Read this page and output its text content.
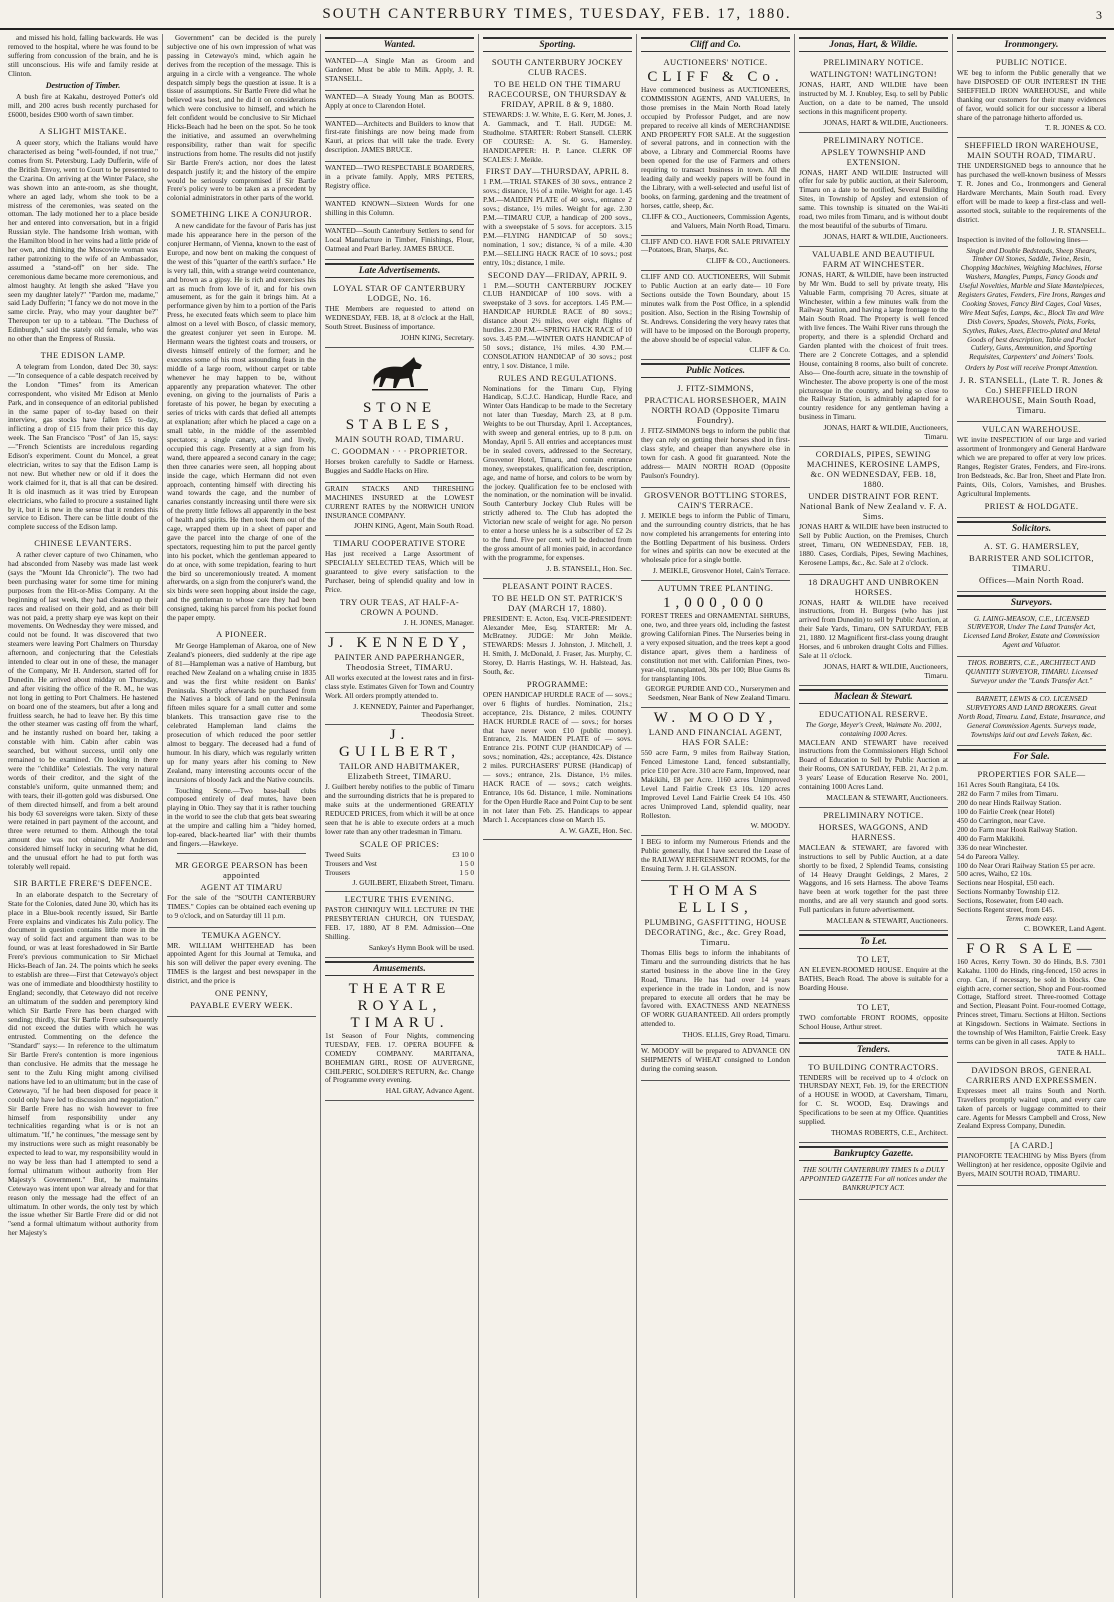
SOUTH CANTERBURY TIMES, TUESDAY, FEB. 17, 1880.	3

and missed his hold, falling backwards. He was removed to the hospital, where he was found to be suffering from concussion of the brain, and he is still unconscious. His wife and family reside at Clinton.

Destruction of Timber.

A bush fire at Kakahu, destroyed Potter's old mill, and 200 acres bush recently purchased for £6000, besides £900 worth of sawn timber.

A SLIGHT MISTAKE.

A queer story, which the Italians would have characterised as being "well-founded, if not true," comes from St. Petersburg. Lady Dufferin, wife of the British Envoy, went to Court to be presented to the Czarina. On arriving at the Winter Palace, she was shown into an ante-room, as she thought, where an aged lady, whom she took to be a mistress of the ceremonies, was seated on the ottoman. The lady motioned her to a place beside her and entered into conversation, but in a frigid Russian style. The handsome Irish woman, with the Hamilton blood in her veins had a little pride of her own, and thinking the Muscovite woman was rather patronizing to the wife of an Ambassador, assumed a "stand-off" on her side. The ceremonious dame became more ceremonious, and almost haughty. At length she asked "Have you seen my daughter lately?" "Pardon me, madame," said Lady Dufferin; "I fancy we do not move in the same circle. Pray, who may your daughter be?" Thereupon ter up to a tableau. "The Duchess of Edinburgh," said the stately old female, who was no other than the Empress of Russia.

THE EDISON LAMP.

A telegram from London, dated Dec 30, says:—"In consequence of a cable despatch received by the London "Times" from its American correspondent, who visited Mr Edison at Menlo Park, and in consequence of an editorial published in the same paper of to-day based on their interview, gas stocks have fallen £5 to-day, inflicting a drop of £15 from their price this day week. The San Francisco "Post" of Jan 15, says:—"French Scientists are incredulous regarding Edison's experiment. Count du Moncel, a great electrician, writes to say that the Edison Lamp is not new. But whether new or old if it does the work claimed for it, that is all that can be desired. It is old inasmuch as it was tried by European electricians, who failed to procure a sustained light by it, but it is new in the sense that it renders this service to Edison. There can be little doubt of the complete success of the Edison lamp.

CHINESE LEVANTERS.

A rather clever capture of two Chinamen, who had absconded from Naseby was made last week (says the "Mount Ida Chronicle"). The two had been purchasing water for some time for mining purposes from the Hit-or-Miss Company. At the beginning of last week, they had cleaned up their races and realised on their gold, and as their bill was not paid, a pretty sharp eye was kept on their movements. On Wednesday they were missed, and could not be found. It was discovered that two steamers were leaving Port Chalmers on Thursday afternoon, and conjecturing that the Celestials intended to clear out in one of these, the manager of the Company, Mr H. Anderson, started off for Dunedin. He arrived about midday on Thursday, and after visiting the office of the R. M., he was not long in getting to Port Chalmers. He hastened on board one of the steamers, but after a long and fruitless search, he had to leave her. By this time the other steamer was casting off from the wharf, and he instantly rushed on board her, taking a constable with him. Cabin after cabin was searched, but without success, until only one remained to be examined. On looking in there were the "childlike" Celestials. The very natural words of their creditor, and the sight of the constable's uniform, quite unmanned them; and with tears, their ill-gotten gold was disbursed. One of them directed himself, and from a belt around his body 63 sovereigns were taken. Sixty of these were retained in part payment of the account, and three were returned to them. Although the total amount due was not obtained, Mr Anderson considered himself lucky in securing what he did, and the unusual effort he had to put forth was tolerably well repaid.

SIR BARTLE FRERE'S DEFENCE.

In an elaborate despatch to the Secretary of State for the Colonies, dated June 30, which has its place in a Blue-book recently issued, Sir Bartle Frere explains and vindicates his Zulu policy. The document in question contains little more in the way of solid fact and argument than was to be found, or was at least foreshadowed in Sir Bartle Frere's previous communication to Sir Michael Hicks-Beach of Jan. 24. The points which he seeks to establish are three—First that Cetewayo's object was one of immediate and bloodthirsty hostility to England; secondly, that Cetewayo did not receive an ultimatum of the sudden and peremptory kind which Sir Bartle Frere has been charged with sending; thirdly, that Sir Bartle Frere subsequently did not exceed the duties with which he was entrusted. Commenting on the defence the "Standard" says:— In reference to the ultimatum Sir Bartle Frere's contention is more ingenious than conclusive. He admits that the message he sent to the Zulu King might among civilised nations have led to an ultimatum; but in the case of Cetewayo, "if he had been disposed for peace it could only have led to discussion and negotiation." Sir Bartle Frere has no wish however to free himself from responsibility under any technicalities regarding what is or is not an ultimatum. "If," he continues, "the message sent by my instructions were such as might reasonably be expected to lead to war, my responsibility would in no way be less than had I attempted to send a formal ultimatum without authority from Her Majesty's Government." But, he maintains Cetewayo was intent upon war already and for that reason only the message had the effect of an ultimatum. In other words, the only test by which the issue whether Sir Bartle Frere did or did not "send a formal ultimatum without authority from her Majesty's

Government" can be decided is the purely subjective one of his own impression of what was passing in Cetewayo's mind, which again he derives from the reception of the message. This is arguing in a circle with a vengeance. The whole despatch simply begs the question at issue. It is a tissue of assumptions. Sir Bartle Frere did what he believed was best, and he did it on considerations which were conclusive to himself, and which he felt confident would be conclusive to Sir Michael Hicks-Beach had he been on the spot. So he took the initiative, and assumed an overwhelming responsibility, rather than wait for specific instructions from home. The results did not justify Sir Bartle Frere's action, nor does the latest despatch justify it; and the history of the empire would be seriously compromised if Sir Bartle Frere's policy were to be taken as a precedent by colonial administrators in other parts of the world.

SOMETHING LIKE A CONJUROR.

A new candidate for the favour of Paris has just made his appearance here in the person of the conjurer Hermann, of Vienna, known to the east of Europe, and now bent on making the conquest of the west of this "quarter of the earth's surface." He is very tall, thin, with a strange weird countenance, and brown as a gipsy. He is rich and exercises his art as much from love of it, and for his own amusement, as for the gain it brings him. At a performance given by him to a portion of the Paris Press, he executed feats which seem to place him almost on a level with Bosco, of classic memory, the greatest conjurer yet seen in Europe. M. Hermann wears the tightest coats and trousers, or divests himself entirely of the former; and he executes some of his most astounding feats in the middle of a large room, without carpet or table whenever he may happen to be, without apparently any preparation whatever. The other evening, on giving to the journalists of Paris a foretaste of his power, he began by executing a series of tricks with cards that defied all attempts at explanation; after which he placed a cage on a small table, in the middle of the assembled spectators; a single canary, alive and lively, occupied this cage. Presently at a sign from his wand, there appeared a second canary in the cage; then three canaries were seen, all hopping about inside the cage, which Hermann did not even approach, contenting himself with directing his wand towards the cage, and the number of canaries constantly increasing until there were six of the pretty little fellows all apparently in the best of health and spirits. He then took them out of the cage, wrapped them up in a sheet of paper and gave the parcel into the charge of one of the spectators, requesting him to put the parcel gently into his pocket, which the gentleman appeared to do at once, with some trepidation, fearing to hurt the bird so unceremoniously treated. A moment afterwards, on a sign from the conjurer's wand, the six birds were seen hopping about inside the cage, and the gentleman to whose care they had been consigned, taking his parcel from his pocket found the paper empty.

A PIONEER.

Mr George Hampleman of Akaroa, one of New Zealand's pioneers, died suddenly at the ripe age of 81—Hampleman was a native of Hamburg, but reached New Zealand on a whaling cruise in 1835 and was the first white resident on Banks' Peninsula. Shortly afterwards he purchased from the Natives a block of land on the Peninsula fifteen miles square for a small cutter and some blankets. This transaction gave rise to the celebrated Hampleman land claims the prosecution of which reduced the poor settler almost to beggary. The deceased had a fund of humour. In his diary, which was regularly written up for many years after his coming to New Zealand, many interesting accounts occur of the incursions of bloody Jack and the Native councils.

Touching Scene.—Two base-ball clubs composed entirely of deaf mutes, have been playing in Ohio. They say that it is rather touching in the world to see the club that gets beat swearing at the umpire and calling him a "hidey horned, lop-eared, black-hearted liar" with their thumbs and fingers.—Hawkeye.

MR GEORGE PEARSON has been appointed
AGENT AT TIMARU

For the sale of the "SOUTH CANTERBURY TIMES." Copies can be obtained each evening up to 9 o'clock, and on Saturday till 11 p.m.

TEMUKA AGENCY.

MR. WILLIAM WHITEHEAD has been appointed Agent for this Journal at Temuka, and his son will deliver the paper every evening. The TIMES is the largest and best newspaper in the district, and the price is

ONE PENNY,
PAYABLE EVERY WEEK.
Wanted.

WANTED—A Single Man as Groom and Gardener. Must be able to Milk. Apply, J. R. STANSELL.

WANTED—A Steady Young Man as BOOTS. Apply at once to Clarendon Hotel.

WANTED—Architects and Builders to know that first-rate finishings are now being made from Kauri, at prices that will take the trade. Every description. JAMES BRUCE.

WANTED—TWO RESPECTABLE BOARDERS, in a private family. Apply, MRS PETERS, Registry office.

WANTED KNOWN—Sixteen Words for one shilling in this Column.

WANTED—South Canterbury Settlers to send for Local Manufacture in Timber, Finishings, Flour, Oatmeal and Pearl Barley. JAMES BRUCE.

Late Advertisements.
LOYAL STAR OF CANTERBURY LODGE, No. 16.

THE Members are requested to attend on WEDNESDAY, FEB. 18, at 8 o'clock at the Hall, South Street. Business of importance.

JOHN KING, Secretary.
STONE STABLES,
MAIN SOUTH ROAD, TIMARU.
C. GOODMAN · · · PROPRIETOR.

Horses broken carefully to Saddle or Harness. Buggies and Saddle Hacks on Hire.

GRAIN STACKS AND THRESHING MACHINES INSURED at the LOWEST CURRENT RATES by the NORWICH UNION INSURANCE COMPANY.

JOHN KING, Agent, Main South Road.
TIMARU COOPERATIVE STORE

Has just received a Large Assortment of SPECIALLY SELECTED TEAS, Which will be guaranteed to give every satisfaction to the Purchaser, being of splendid quality and low in Price.

TRY OUR TEAS, AT HALF-A-CROWN A POUND.
J. H. JONES, Manager.
J. KENNEDY,
PAINTER AND PAPERHANGER, Theodosia Street, TIMARU.

All works executed at the lowest rates and in first-class style. Estimates Given for Town and Country Work. All orders promptly attended to.

J. KENNEDY, Painter and Paperhanger, Theodosia Street.
J. GUILBERT,
TAILOR AND HABITMAKER, Elizabeth Street, TIMARU.

J. Guilbert hereby notifies to the public of Timaru and the surrounding districts that he is prepared to make suits at the undermentioned GREATLY REDUCED PRICES, from which it will be at once seen that he is able to execute orders at a much lower rate than any other tradesman in Timaru.

SCALE OF PRICES:
Tweed Suits	£3 10 0
Trousers and Vest	1 5 0
Trousers	1 5 0
J. GUILBERT, Elizabeth Street, Timaru.
LECTURE THIS EVENING.

PASTOR CHINIQUY WILL LECTURE IN THE PRESBYTERIAN CHURCH, ON TUESDAY, FEB. 17, 1880, AT 8 P.M. Admission—One Shilling.

Sankey's Hymn Book will be used.
Amusements.
THEATRE ROYAL, TIMARU.

1st Season of Four Nights, commencing TUESDAY, FEB. 17. OPERA BOUFFE & COMEDY COMPANY. MARITANA, BOHEMIAN GIRL, ROSE OF AUVERGNE, CHILPERIC, SOLDIER'S RETURN, &c. Change of Programme every evening.

HAL GRAY, Advance Agent.
Sporting.
SOUTH CANTERBURY JOCKEY CLUB RACES.
TO BE HELD ON THE TIMARU RACECOURSE, ON THURSDAY & FRIDAY, APRIL 8 & 9, 1880.

STEWARDS: J. W. White, E. G. Kerr, M. Jones, J. A. Gammack, and T. Hall. JUDGE: M. Studholme. STARTER: Robert Stansell. CLERK OF COURSE: A. St. G. Hamersley. HANDICAPPER: H. P. Lance. CLERK OF SCALES: J. Meikle.

FIRST DAY—THURSDAY, APRIL 8.

1 P.M.—TRIAL STAKES of 30 sovs., entrance 2 sovs.; distance, 1½ of a mile. Weight for age. 1.45 P.M.—MAIDEN PLATE of 40 sovs., entrance 2 sovs.; distance, 1½ miles. Weight for age. 2.30 P.M.—TIMARU CUP, a handicap of 200 sovs., with a sweepstake of 5 sovs. for acceptors. 3.15 P.M.—FLYING HANDICAP of 50 sovs.; nomination, 1 sov.; distance, ¾ of a mile. 4.30 P.M.—SELLING HACK RACE of 10 sovs.; post entry, 10s.; distance, 1 mile.

SECOND DAY—FRIDAY, APRIL 9.

1 P.M.—SOUTH CANTERBURY JOCKEY CLUB HANDICAP of 100 sovs. with a sweepstake of 3 sovs. for acceptors. 1.45 P.M.—HANDICAP HURDLE RACE of 80 sovs.; distance about 2½ miles, over eight flights of hurdles. 2.30 P.M.—SPRING HACK RACE of 10 sovs. 3.45 P.M.—WINTER OATS HANDICAP of 50 sovs.; distance, 1¼ miles. 4.30 P.M.—CONSOLATION HANDICAP of 30 sovs.; post entry, 1 sov. Distance, 1 mile.

RULES AND REGULATIONS.

Nominations for the Timaru Cup, Flying Handicap, S.C.J.C. Handicap, Hurdle Race, and Winter Oats Handicap to be made to the Secretary not later than Tuesday, March 23, at 8 p.m. Weights to be out Thursday, April 1. Acceptances, with sweep and general entries, up to 8 p.m. on Monday, April 5. All entries and acceptances must be in sealed covers, addressed to the Secretary, Grosvenor Hotel, Timaru, and contain entrance money, sweepstakes, qualification fee, description, age, and name of horse, and colors to be worn by the jockey. Qualification fee to be enclosed with the nomination, or the nomination will be invalid. South Canterbury Jockey Club Rules will be strictly adhered to. The Club has adopted the Victorian new scale of weight for age. No person to enter a horse unless he is a subscriber of £2 2s to the fund. Five per cent. will be deducted from the gross amount of all monies paid, in accordance with the programme, for expenses.

J. B. STANSELL, Hon. Sec.
PLEASANT POINT RACES.
TO BE HELD ON ST. PATRICK'S DAY (MARCH 17, 1880).

PRESIDENT: E. Acton, Esq. VICE-PRESIDENT: Alexander Mee, Esq. STARTER: Mr A. McBratney. JUDGE: Mr John Meikle. STEWARDS: Messrs J. Johnston, J. Mitchell, J. H. Smith, J. McDonald, J. Fraser, Jas. Murphy, C. Storey, D. Harris Hastings, W. H. Halstead, Jas. South, &c.

PROGRAMME:

OPEN HANDICAP HURDLE RACE of — sovs.; over 6 flights of hurdles. Nomination, 21s.; acceptance, 21s. Distance, 2 miles. COUNTY HACK HURDLE RACE of — sovs.; for horses that have never won £10 (public money). Entrance, 21s. MAIDEN PLATE of — sovs. Entrance 21s. POINT CUP (HANDICAP) of — sovs.; nomination, 42s.; acceptance, 42s. Distance 2 miles. PURCHASERS' PURSE (Handicap) of — sovs.; entrance, 21s. Distance, 1½ miles. HACK RACE of — sovs.; catch weights. Entrance, 10s 6d. Distance, 1 mile. Nominations for the Open Hurdle Race and Point Cup to be sent in not later than Feb. 25. Handicaps to appear March 1. Acceptances close on March 15.

A. W. GAZE, Hon. Sec.
Cliff and Co.
AUCTIONEERS' NOTICE.
CLIFF & Co.

Have commenced business as AUCTIONEERS, COMMISSION AGENTS, AND VALUERS, In those premises in the Main North Road lately occupied by Professor Pudget, and are now prepared to receive all kinds of MERCHANDISE AND PROPERTY FOR SALE. At the suggestion of several patrons, and in connection with the above, a Library and Commercial Rooms have been opened for the use of Farmers and others requiring to transact business in town. All the leading daily and weekly papers will be found in the Library, with a well-selected and useful list of books, on farming, gardening and the treatment of horses, cattle, sheep, &c.

CLIFF & CO., Auctioneers, Commission Agents, and Valuers, Main North Road, Timaru.

CLIFF AND CO. HAVE FOR SALE PRIVATELY—Potatoes, Bran, Sharps, &c.

CLIFF & CO., Auctioneers.

CLIFF AND CO. AUCTIONEERS, Will Submit to Public Auction at an early date— 10 Fore Sections outside the Town Boundary, about 15 minutes walk from the Post Office, in a splendid position. Also, Section in the Rising Township of St. Andrews. Considering the very heavy rates that will have to be imposed on the Borough property, the above should be of especial value.

CLIFF & Co.
Public Notices.
J. FITZ-SIMMONS,
PRACTICAL HORSESHOER, MAIN NORTH ROAD (Opposite Timaru Foundry).

J. FITZ-SIMMONS begs to inform the public that they can rely on getting their horses shod in first-class style, and cheaper than anywhere else in town for cash. A good fit guaranteed. Note the address— MAIN NORTH ROAD (Opposite Paulson's Foundry).

GROSVENOR BOTTLING STORES, CAIN'S TERRACE.

J. MEIKLE begs to inform the Public of Timaru, and the surrounding country districts, that he has now completed his arrangements for entering into the Bottling Department of his business. Orders for wines and spirits can now be executed at the wholesale price for a single bottle.

J. MEIKLE, Grosvenor Hotel, Cain's Terrace.
AUTUMN TREE PLANTING.
1,000,000

FOREST TREES and ORNAMENTAL SHRUBS, one, two, and three years old, including the fastest growing Californian Pines. The Nurseries being in a very exposed situation, and the trees kept a good distance apart, gives them a hardiness of constitution not met with. Californian Pines, two-year-old, transplanted, 30s per 100; Blue Gums 8s for transplanting 100s.

GEORGE PURDIE AND CO., Nurserymen and Seedsmen, Near Bank of New Zealand Timaru.
W. MOODY,
LAND AND FINANCIAL AGENT, HAS FOR SALE:

550 acre Farm, 9 miles from Railway Station, Fenced Limestone Land, fenced substantially, price £10 per Acre. 310 acre Farm, Improved, near Makikihi, £8 per Acre. 1160 acres Unimproved Level Land Fairlie Creek £3 10s. 120 acres Improved Level Land Fairlie Creek £4 10s. 450 acres Unimproved Land, splendid quality, near Rolleston.

W. MOODY.

I BEG to inform my Numerous Friends and the Public generally, that I have secured the Lease of the RAILWAY REFRESHMENT ROOMS, for the Ensuing Term. J. H. GLASSON.

THOMAS ELLIS,
PLUMBING, GASFITTING, HOUSE DECORATING, &c., &c. Grey Road, Timaru.

Thomas Ellis begs to inform the inhabitants of Timaru and the surrounding districts that he has started business in the above line in the Grey Road, Timaru. He has had over 14 years experience in the trade in London, and is now prepared to execute all orders that he may be favored with. EXACTNESS AND NEATNESS OF WORK GUARANTEED. All orders promptly attended to.

THOS. ELLIS, Grey Road, Timaru.

W. MOODY will be prepared to ADVANCE ON SHIPMENTS of WHEAT consigned to London during the coming season.

Jonas, Hart, & Wildie.
PRELIMINARY NOTICE.
WATLINGTON! WATLINGTON!

JONAS, HART, AND WILDIE have been instructed by M. J. Knubley, Esq. to sell by Public Auction, on a date to be named, The unsold sections in this magnificent property.

JONAS, HART & WILDIE, Auctioneers.
PRELIMINARY NOTICE.
APSLEY TOWNSHIP AND EXTENSION.

JONAS, HART AND WILDIE Instructed will offer for sale by public auction, at their Saleroom, Timaru on a date to be notified, Several Building Sites, in Township of Apsley and extension of same. This township is situated on the Wai-iti road, two miles from Timaru, and is without doubt the most beautiful of the suburbs of Timaru.

JONAS, HART & WILDIE, Auctioneers.
VALUABLE AND BEAUTIFUL FARM AT WINCHESTER.

JONAS, HART, & WILDIE, have been instructed by Mr Wm. Budd to sell by private treaty, His Valuable Farm, comprising 70 Acres, situate at Winchester, within a few minutes walk from the Railway Station, and having a large frontage to the Main South Road. The Property is well fenced with live fences. The Waihi River runs through the property, and there is a splendid Orchard and Garden planted with the choicest of fruit trees. There are 2 Concrete Cottages, and a splendid House, containing 8 rooms, also built of concrete. Also— One-fourth acre, situate in the township of Winchester. The above property is one of the most picturesque in the country, and being so close to the Railway Station, is admirably adapted for a country residence for any gentleman having a business in Timaru.

JONAS, HART & WILDIE, Auctioneers, Timaru.
CORDIALS, PIPES, SEWING MACHINES, KEROSINE LAMPS, &c. ON WEDNESDAY, FEB. 18, 1880.
UNDER DISTRAINT FOR RENT. National Bank of New Zealand v. F. A. Sims.

JONAS HART & WILDIE have been instructed to Sell by Public Auction, on the Premises, Church street, Timaru, ON WEDNESDAY, FEB. 18, 1880. Cases, Cordials, Pipes, Sewing Machines, Kerosene Lamps, &c., &c. Sale at 2 o'clock.

18 DRAUGHT AND UNBROKEN HORSES.

JONAS, HART & WILDIE have received instructions, from H. Burgess (who has just arrived from Dunedin) to sell by Public Auction, at their Sale Yards, Timaru, ON SATURDAY, FEB 21, 1880. 12 Magnificent first-class young draught Horses, and 6 unbroken draught Colts and Fillies. Sale at 11 o'clock.

JONAS, HART & WILDIE, Auctioneers, Timaru.
Maclean & Stewart.
EDUCATIONAL RESERVE.
The Gorge, Meyer's Creek, Waimate No. 2001, containing 1000 Acres.

MACLEAN AND STEWART have received instructions from the Commissioners High School Board of Education to Sell by Public Auction at their Rooms, ON SATURDAY, FEB. 21, At 2 p.m. 3 years' Lease of Education Reserve No. 2001, containing 1000 Acres Land.

MACLEAN & STEWART, Auctioneers.
PRELIMINARY NOTICE.
HORSES, WAGGONS, AND HARNESS.

MACLEAN & STEWART, are favored with instructions to sell by Public Auction, at a date shortly to be fixed, 2 Splendid Teams, consisting of 14 Heavy Draught Geldings, 2 Mares, 2 Waggons, and 16 sets Harness. The above Teams have been at work together for the past three months, and are all very staunch and good sorts. Full particulars in future advertisement.

MACLEAN & STEWART, Auctioneers.
To Let.
TO LET,

AN ELEVEN-ROOMED HOUSE. Enquire at the BATHS, Beach Road. The above is suitable for a Boarding House.

TO LET,

TWO comfortable FRONT ROOMS, opposite School House, Arthur street.

Tenders.
TO BUILDING CONTRACTORS.

TENDERS will be received up to 4 o'clock on THURSDAY NEXT, Feb. 19, for the ERECTION of a HOUSE in WOOD, at Caversham, Timaru, for C. St. WOOD, Esq. Drawings and Specifications to be seen at my Office. Quantities supplied.

THOMAS ROBERTS, C.E., Architect.
Bankruptcy Gazette.

THE SOUTH CANTERBURY TIMES Is a DULY APPOINTED GAZETTE For all notices under the BANKRUPTCY ACT.

Ironmongery.
PUBLIC NOTICE.

WE beg to inform the Public generally that we have DISPOSED OF OUR INTEREST IN THE SHEFFIELD IRON WAREHOUSE, and while thanking our customers for their many evidences of favor, would solicit for our successor a liberal share of the patronage hitherto afforded us.

T. R. JONES & CO.
SHEFFIELD IRON WAREHOUSE, MAIN SOUTH ROAD, TIMARU.

THE UNDERSIGNED begs to announce that he has purchased the well-known business of Messrs T. R. Jones and Co., Ironmongers and General Hardware Merchants, Main South road. Every effort will be made to keep a first-class and well-assorted stock, suitable to the requirements of the district.

J. R. STANSELL.

Inspection is invited of the following lines—

Single and Double Bedsteads, Sheep Shears, Timber Oil Stones, Saddle, Twine, Resin, Chopping Machines, Weighing Machines, Horse Washers, Mangles, Pumps, Fancy Goods and Useful Novelties, Marble and Slate Mantelpieces, Registers Grates, Fenders, Fire Irons, Ranges and Cooking Stoves, Fancy Bird Cages, Coal Vases, Wire Meat Safes, Lamps, &c., Block Tin and Wire Dish Covers, Spades, Shovels, Picks, Forks, Scythes, Rakes, Axes, Electro-plated and Metal Goods of best description, Table and Pocket Cutlery, Guns, Ammunition, and Sporting Requisites, Carpenters' and Joiners' Tools.

Orders by Post will receive Prompt Attention.

J. R. STANSELL, (Late T. R. Jones & Co.) SHEFFIELD IRON WAREHOUSE, Main South Road, Timaru.
VULCAN WAREHOUSE.

WE invite INSPECTION of our large and varied assortment of Ironmongery and General Hardware which we are prepared to offer at very low prices. Ranges, Register Grates, Fenders, and Fire-irons. Iron Bedsteads, &c. Bar Iron, Sheet and Plate Iron. Paints, Oils, Colors, Varnishes, and Brushes. Agricultural Implements.

PRIEST & HOLDGATE.
Solicitors.
A. ST. G. HAMERSLEY,
BARRISTER AND SOLICITOR, TIMARU.
Offices—Main North Road.
Surveyors.

G. LAING-MEASON, C.E., LICENSED SURVEYOR, Under The Land Transfer Act, Licensed Land Broker, Estate and Commission Agent and Valuator.

THOS. ROBERTS, C.E., ARCHITECT AND QUANTITY SURVEYOR, TIMARU. Licensed Surveyor under the "Lands Transfer Act."

BARNETT, LEWIS & CO. LICENSED SURVEYORS AND LAND BROKERS. Great North Road, Timaru. Land, Estate, Insurance, and General Commission Agents. Surveys made, Townships laid out and Levels Taken, &c.

For Sale.
PROPERTIES FOR SALE—
161 Acres South Rangitata, £4 10s.
282 do Farm 7 miles from Timaru.
200 do near Hinds Railway Station.
100 do Fairlie Creek (near Hotel)
450 do Carrington, near Cave.
200 do Farm near Hook Railway Station.
400 do Farm Makikihi.
336 do near Winchester.
54 do Pareora Valley.
100 do Near Orari Railway Station £5 per acre.
500 acres, Waiho, £2 10s.
Sections near Hospital, £50 each.
Sections Normanby Township £12.
Sections, Rosewater, from £40 each.
Sections Regent street, from £45.
Terms made easy.
C. BOWKER, Land Agent.
FOR SALE—

160 Acres, Kerry Town. 30 do Hinds, B.S. 7301 Kakahu. 1100 do Hinds, ring-fenced, 150 acres in crop. Can, if necessary, be sold in blocks. One eighth acre, corner section, Shop and Four-roomed Cottage, Stafford street. Three-roomed Cottage and Section, Pleasant Point. Four-roomed Cottage, Princes street, Timaru. Sections at Hilton. Sections at Kingsdown. Sections in Waimate. Sections in the township of Wes Hamilton, Fairlie Creek. Easy terms can be given in all cases. Apply to

TATE & HALL.
DAVIDSON BROS, GENERAL CARRIERS AND EXPRESSMEN.

Expresses meet all trains South and North. Travellers promptly waited upon, and every care taken of parcels or luggage committed to their care. Agents for Messrs Campbell and Cross, New Zealand Express Company, Dunedin.

[A CARD.]

PIANOFORTE TEACHING by Miss Byers (from Wellington) at her residence, opposite Ogilvie and Byers, MAIN SOUTH ROAD, TIMARU.
